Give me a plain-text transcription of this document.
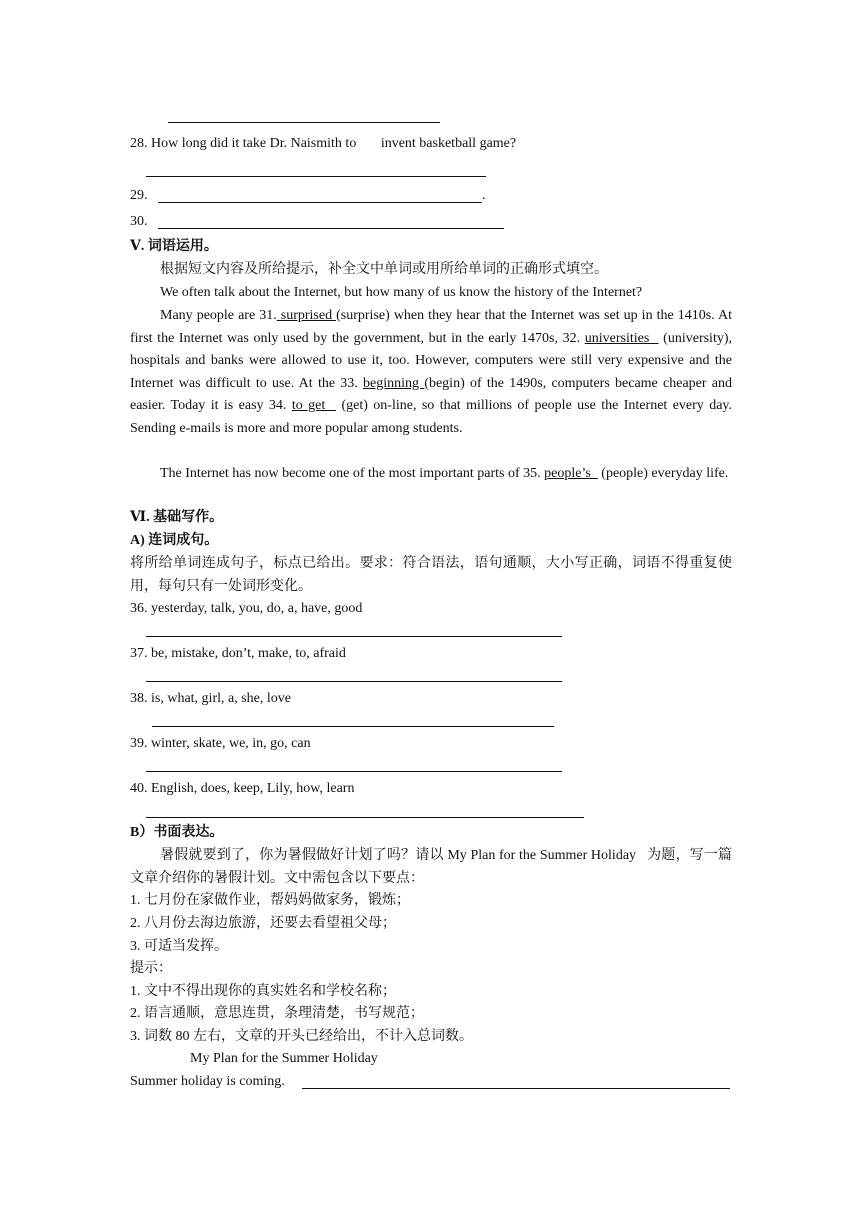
28. How long did it take Dr. Naismith to       invent basketball game?
29.	.
30.
Ⅴ. 词语运用。
根据短文内容及所给提示，补全文中单词或用所给单词的正确形式填空。
We often talk about the Internet, but how many of us know the history of the Internet?
Many people are 31. surprised (surprise) when they hear that the Internet was set up in the 1410s. At first the Internet was only used by the government, but in the early 1470s, 32. universities   (university), hospitals and banks were allowed to use it, too. However, computers were still very expensive and the Internet was difficult to use. At the 33. beginning (begin) of the 1490s, computers became cheaper and easier. Today it is easy 34. to get   (get) on-line, so that millions of people use the Internet every day. Sending e-mails is more and more popular among students.
The Internet has now become one of the most important parts of 35. people’s   (people) everyday life.
Ⅵ. 基础写作。
A) 连词成句。
将所给单词连成句子，标点已给出。要求：符合语法，语句通顺，大小写正确，词语不得重复使用，每句只有一处词形变化。
36. yesterday, talk, you, do, a, have, good
37. be, mistake, don’t, make, to, afraid
38. is, what, girl, a, she, love
39. winter, skate, we, in, go, can
40. English, does, keep, Lily, how, learn
B）书面表达。
暑假就要到了，你为暑假做好计划了吗？请以 My Plan for the Summer Holiday   为题，写一篇文章介绍你的暑假计划。文中需包含以下要点：
1. 七月份在家做作业，帮妈妈做家务，锻炼；
2. 八月份去海边旅游，还要去看望祖父母；
3. 可适当发挥。
提示：
1. 文中不得出现你的真实姓名和学校名称；
2. 语言通顺，意思连贯，条理清楚，书写规范；
3. 词数 80 左右，文章的开头已经给出，不计入总词数。
My Plan for the Summer Holiday
Summer holiday is coming.
